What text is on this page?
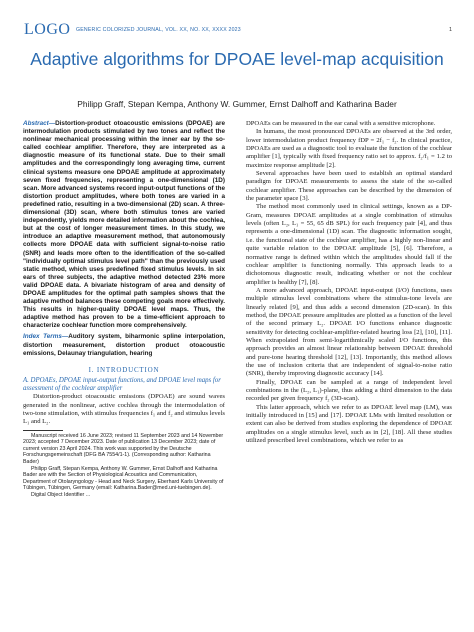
LOGO GENERIC COLORIZED JOURNAL, VOL. XX, NO. XX, XXXX 2023	1
Adaptive algorithms for DPOAE level-map acquisition
Philipp Graff, Stepan Kempa, Anthony W. Gummer, Ernst Dalhoff and Katharina Bader
Abstract—Distortion-product otoacoustic emissions (DPOAE) are intermodulation products stimulated by two tones and reflect the nonlinear mechanical processing within the inner ear by the so-called cochlear amplifier. Therefore, they are interpreted as a diagnostic measure of its functional state. Due to their small amplitudes and the correspondingly long averaging time, current clinical systems measure one DPOAE amplitude at approximately seven fixed frequencies, representing a one-dimensional (1D) scan. More advanced systems record input-output functions of the distortion product amplitudes, where both tones are varied in a predefined ratio, resulting in a two-dimensional (2D) scan. A three-dimensional (3D) scan, where both stimulus tones are varied independently, yields more detailed information about the cochlea, but at the cost of longer measurement times. In this study, we introduce an adaptive measurement method, that autonomously collects more DPOAE data with sufficient signal-to-noise ratio (SNR) and leads more often to the identification of the so-called "individually optimal stimulus level path" than the previously used static method, which uses predefined fixed stimulus levels. In six ears of three subjects, the adaptive method detected 23% more valid DPOAE data. A bivariate histogram of area and density of DPOAE amplitudes for the optimal path samples shows that the adaptive method balances these competing goals more effectively. This results in higher-quality DPOAE level maps. Thus, the adaptive method has proven to be a time-efficient approach to characterize cochlear function more comprehensively.
Index Terms—Auditory system, biharmonic spline interpolation, distortion measurement, distortion product otoacoustic emissions, Delaunay triangulation, hearing
I. INTRODUCTION
A. DPOAEs, DPOAE input-output functions, and DPOAE level maps for assessment of the cochlear amplifier

Distortion-product otoacoustic emissions (DPOAE) are sound waves generated in the nonlinear, active cochlea through the intermodulation of two-tone stimulation, with stimulus frequencies f₁ and f₂ and stimulus levels L₁ and L₂.

Manuscript received 16 June 2023; revised 11 September 2023 and 14 November 2023; accepted 7 December 2023. Date of publication 13 December 2023; date of current version 23 April 2024. This work was supported by the Deutsche Forschungsgemeinschaft (DFG BA 7554/1-1). (Corresponding author: Katharina Bader)
Philipp Graff, Stepan Kempa, Anthony W. Gummer, Ernst Dalhoff and Katharina Bader are with the Section of Physiological Acoustics and Communication, Department of Otolaryngology - Head and Neck Surgery, Eberhard Karls University of Tübingen, Tübingen, Germany (email: Katharina.Bader@med.uni-tuebingen.de).
Digital Object Identifier ...

DPOAEs can be measured in the ear canal with a sensitive microphone.

In humans, the most pronounced DPOAEs are observed at the 3rd order, lower intermodulation product frequency fDP = 2f₁ − f₂. In clinical practice, DPOAEs are used as a diagnostic tool to evaluate the function of the cochlear amplifier [1], typically with fixed frequency ratio set to approx. f₂/f₁ = 1.2 to maximize response amplitude [2].

Several approaches have been used to establish an optimal standard paradigm for DPOAE measurements to assess the state of the so-called cochlear amplifier. These approaches can be described by the dimension of the parameter space [3].

The method most commonly used in clinical settings, known as a DP-Gram, measures DPOAE amplitudes at a single combination of stimulus levels (often L₂, L₁ = 55, 65 dB SPL) for each frequency pair [4], and thus represents a one-dimensional (1D) scan. The diagnostic information sought, i.e. the functional state of the cochlear amplifier, has a highly non-linear and quite variable relation to the DPOAE amplitude [5], [6]. Therefore, a normative range is defined within which the amplitudes should fall if the cochlear amplifier is functioning normally. This approach leads to a dichotomous diagnostic result, indicating whether or not the cochlear amplifier is healthy [7], [8].

A more advanced approach, DPOAE input-output (I/O) functions, uses multiple stimulus level combinations where the stimulus-tone levels are linearly related [9], and thus adds a second dimension (2D-scan). In this method, the DPOAE pressure amplitudes are plotted as a function of the level of the second primary L₂. DPOAE I/O functions enhance diagnostic sensitivity for detecting cochlear-amplifier-related hearing loss [2], [10], [11]. When extrapolated from semi-logarithmically scaled I/O functions, this approach provides an almost linear relationship between DPOAE threshold and pure-tone hearing threshold [12], [13]. Importantly, this method allows the use of inclusion criteria that are independent of signal-to-noise ratio (SNR), thereby improving diagnostic accuracy [14].

Finally, DPOAE can be sampled at a range of independent level combinations in the (L₂, L₁)-plane, thus adding a third dimension to the data recorded per given frequency f₂ (3D-scan).

This latter approach, which we refer to as DPOAE level map (LM), was initially introduced in [15] and [17]. DPOAE LMs with limited resolution or extent can also be derived from studies exploring the dependence of DPOAE amplitudes on a single stimulus level, such as in [2], [18]. All these studies utilized prescribed level combinations, which we refer to as
